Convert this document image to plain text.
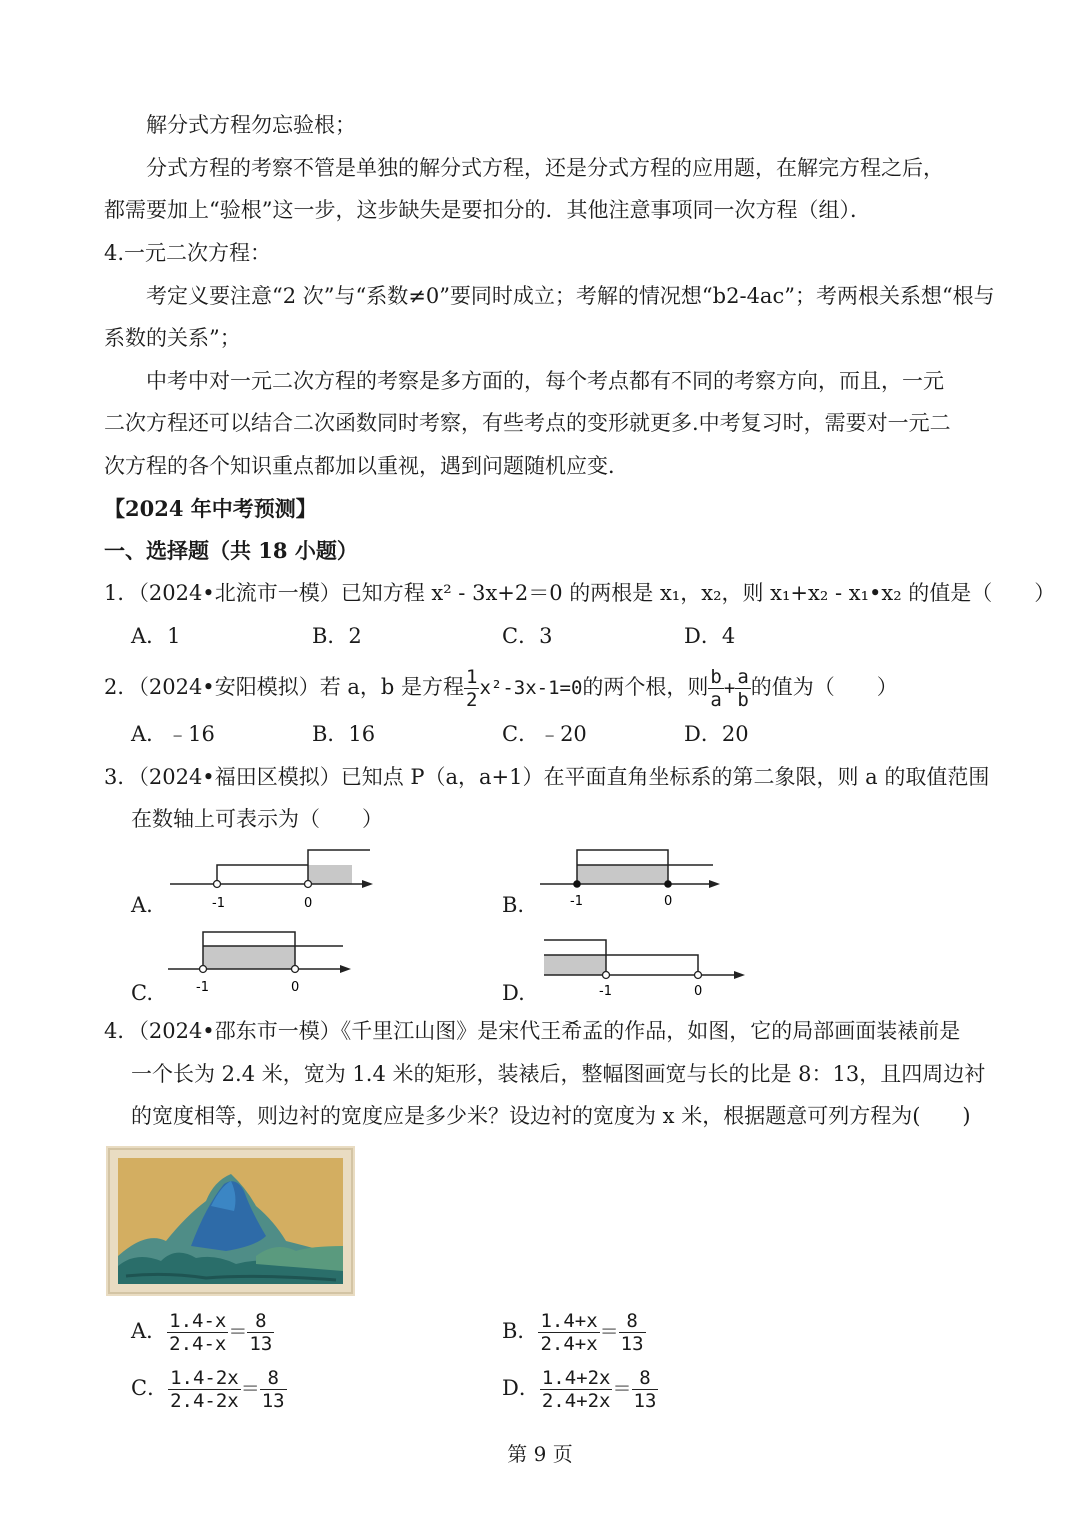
解分式方程勿忘验根；
分式方程的考察不管是单独的解分式方程，还是分式方程的应用题，在解完方程之后，
都需要加上“验根”这一步，这步缺失是要扣分的．其他注意事项同一次方程（组）．
4.一元二次方程：
考定义要注意“2 次”与“系数≠0”要同时成立；考解的情况想“b2-4ac”；考两根关系想“根与
系数的关系”；
中考中对一元二次方程的考察是多方面的，每个考点都有不同的考察方向，而且，一元
二次方程还可以结合二次函数同时考察，有些考点的变形就更多.中考复习时，需要对一元二
次方程的各个知识重点都加以重视，遇到问题随机应变．
【2024 年中考预测】
一、选择题（共 18 小题）
1．（2024•北流市一模）已知方程 x² - 3x+2＝0 的两根是 x₁，x₂，则 x₁+x₂ - x₁•x₂ 的值是（　　）
A．1	B．2	C．3	D．4
2．（2024•安阳模拟）若 a，b 是方程 $\frac{1}{2} x^2-3x-1=0$的两个根，则 $\frac{b}{a} + \frac{a}{b}$ 的值为（　　）
A．﹣16	B．16	C．﹣20	D．20
3．（2024•福田区模拟）已知点 P（a，a+1）在平面直角坐标系的第二象限，则 a 的取值范围
在数轴上可表示为（　　）
A.	-1	0	B.	-1	0
C.	-1	0	D.	-1	0
4．（2024•邵东市一模）《千里江山图》是宋代王希孟的作品，如图，它的局部画面装裱前是
一个长为 2.4 米，宽为 1.4 米的矩形，装裱后，整幅图画宽与长的比是 8：13，且四周边衬
的宽度相等，则边衬的宽度应是多少米？设边衬的宽度为 x 米，根据题意可列方程为(　　)
A． $\frac{1.4-x}{2.4-x} = \frac{8}{13}$	B． $\frac{1.4+x}{2.4+x} = \frac{8}{13}$
C． $\frac{1.4-2x}{2.4-2x} = \frac{8}{13}$	D． $\frac{1.4+2x}{2.4+2x} = \frac{8}{13}$
第 9 页
